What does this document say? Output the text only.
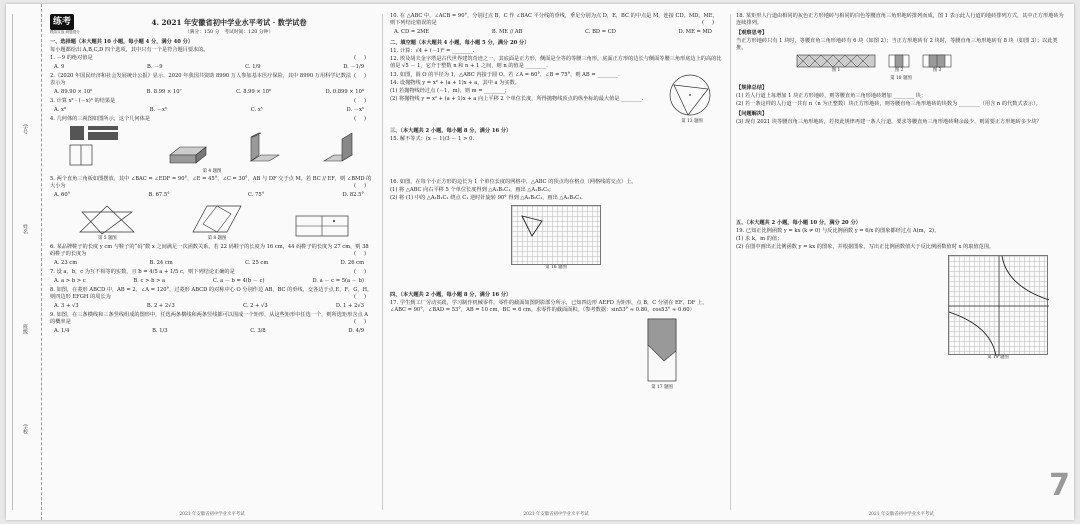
学号
姓名
班级
学校
练考
模拟实战 刷题提分
4. 2021 年安徽省初中学业水平考试 · 数学试卷
（满分：150 分　考试时间：120 分钟）
一、选择题（本大题共 10 小题，每小题 4 分，满分 40 分）
每小题都给出 A,B,C,D 四个选项，其中只有一个是符合题目要求的。
()
1. －9 的绝对值是
A. 9	B. －9	C. 1/9	D. －1/9
()
2.《2020 年国民经济和社会发展统计公报》显示，2020 年我国共资助 8990 万人参加基本医疗保险，其中 8990 万用科学记数法表示为
A. 89.90 × 10⁶	B. 8.99 × 10⁷	C. 8.99 × 10⁸	D. 0.899 × 10⁹
()
3. 计算 x² · (－x)³ 的结果是
A. x⁶	B. －x⁶	C. x⁵	D. －x⁵
()
4. 几何体的三视图如图所示，这个几何体是
第 4 题图
5. 两个直角三角板如图摆放，其中 ∠BAC = ∠EDF = 90°，∠E = 45°，∠C = 30°，AB 与 DF 交于点 M。若 BC // EF，则 ∠BMD 的大小为	()
A. 60°	B. 67.5°	C. 75°	D. 82.5°
第 5 题图	第 8 题图
6. 某品牌鞋子的长度 y cm 与鞋子的“码”数 x 之间满足一次函数关系。若 22 码鞋子的长度为 16 cm，44 码鞋子的长度为 27 cm，则 38 码鞋子的长度为	()
A. 23 cm	B. 24 cm	C. 25 cm	D. 26 cm
7. 设 a，b，c 为互不相等的实数，且 b = 4/5 a + 1/5 c，则下列结论正确的是	()
A. a > b > c	B. c > b > a	C. a － b = 4(b － c)	D. a － c = 5(a － b)
8. 如图，在菱形 ABCD 中，AB = 2，∠A = 120°，过菱形 ABCD 的对称中心 O 分别作边 AB，BC 的垂线，交各边于点 E，F，G，H，则四边形 EFGH 的周长为	()
A. 3 + √3	B. 2 + 2√3	C. 2 + √3	D. 1 + 2√3
9. 如图，在三条横线和三条竖线组成的图形中，任选两条横线和两条竖线都可以围成一个矩形，从这些矩形中任选一个，则所选矩形含点 A 的概率是	()
A. 1/4	B. 1/3	C. 3/8	D. 4/9
2021 年安徽省初中学业水平考试
10. 在 △ABC 中，∠ACB = 90°，分别过点 B，C 作 ∠BAC 平分线的垂线，垂足分别为点 D，E，BC 的中点是 M，连接 CD，MD，ME，则下列结论错误的是	()
A. CD = 2ME	B. ME // AB	C. BD = CD	D. ME = MD
二、填空题（本大题共 4 小题，每小题 5 分，满分 20 分）
11. 计算：√4 + (－1)⁰ = ________.
12. 埃及胡夫金字塔是古代世界建筑奇迹之一，其底面是正方形，侧面是全等的等腰三角形，底面正方形的边长与侧面等腰三角形底边上的高的比值是 √5 － 1，它介于整数 n 和 n + 1 之间，则 n 的值是 ________.
13. 如图，圆 O 的半径为 1，△ABC 内接于圆 O。若 ∠A = 60°，∠B = 75°，则 AB = ________.
14. 设抛物线 y = x² + (a + 1)x + a，其中 a 为实数。
(1) 若抛物线经过点 (－1，m)，则 m = ________;
(2) 将抛物线 y = x² + (a + 1)x + a 向上平移 2 个单位长度，所得抛物线顶点的纵坐标的最大值是 ________.
第 13 题图
三、（本大题共 2 小题，每小题 8 分，满分 16 分）
15. 解不等式：(x － 1)/3 － 1 > 0.
16. 如图，在每个小正方形的边长为 1 个单位长度的网格中，△ABC 的顶点均在格点（网格线的交点）上。
(1) 将 △ABC 向右平移 5 个单位长度得到 △A₁B₁C₁，画出 △A₁B₁C₁;
(2) 将 (1) 中的 △A₁B₁C₁ 绕点 C₁ 逆时针旋转 90° 得到 △A₂B₂C₁，画出 △A₂B₂C₁.
第 16 题图
四、（本大题共 2 小题，每小题 8 分，满分 16 分）
17. 学生到工厂劳动实践，学习制作机械零件。零件的截面如图阴影部分所示，已知四边形 AEFD 为矩形，点 B，C 分别在 EF，DF 上，∠ABC = 90°，∠BAD = 53°，AB = 10 cm，BC = 6 cm。求零件的截面面积。（参考数据：sin53° ≈ 0.80，cos53° ≈ 0.60）
第 17 题图
2021 年安徽省初中学业水平考试
18. 某矩形人行道由相同的灰色正方形地砖与相同的白色等腰直角三角形地砖排列而成，图 1 表示此人行道的地砖排列方式，其中正方形地砖为连续排列。
【观察思考】
当正方形地砖只有 1 块时，等腰直角三角形地砖有 6 块（如图 2）；当正方形地砖有 2 块时，等腰直角三角形地砖有 8 块（如图 3）；以此类推。
图 1	图 2	图 3
第 18 题图
【规律总结】
(1) 若人行道上每增加 1 块正方形地砖，则等腰直角三角形地砖增加 ________ 块；
(2) 若一条这样的人行道一共有 n（n 为正整数）块正方形地砖，则等腰直角三角形地砖的块数为 ________（用含 n 的代数式表示）。
【问题解决】
(3) 现有 2021 块等腰直角三角形地砖，若按此规律再建一条人行道，要求等腰直角三角形地砖剩余最少，则需要正方形地砖多少块？
五、（本大题共 2 小题，每小题 10 分，满分 20 分）
19. 已知正比例函数 y = kx (k ≠ 0) 与反比例函数 y = 6/x 的图象都经过点 A(m，2)。
(1) 求 k，m 的值；
(2) 在图中画出正比例函数 y = kx 的图象，并根据图象，写出正比例函数值大于反比例函数值时 x 的取值范围。
第 19 题图
2021 年安徽省初中学业水平考试
7
